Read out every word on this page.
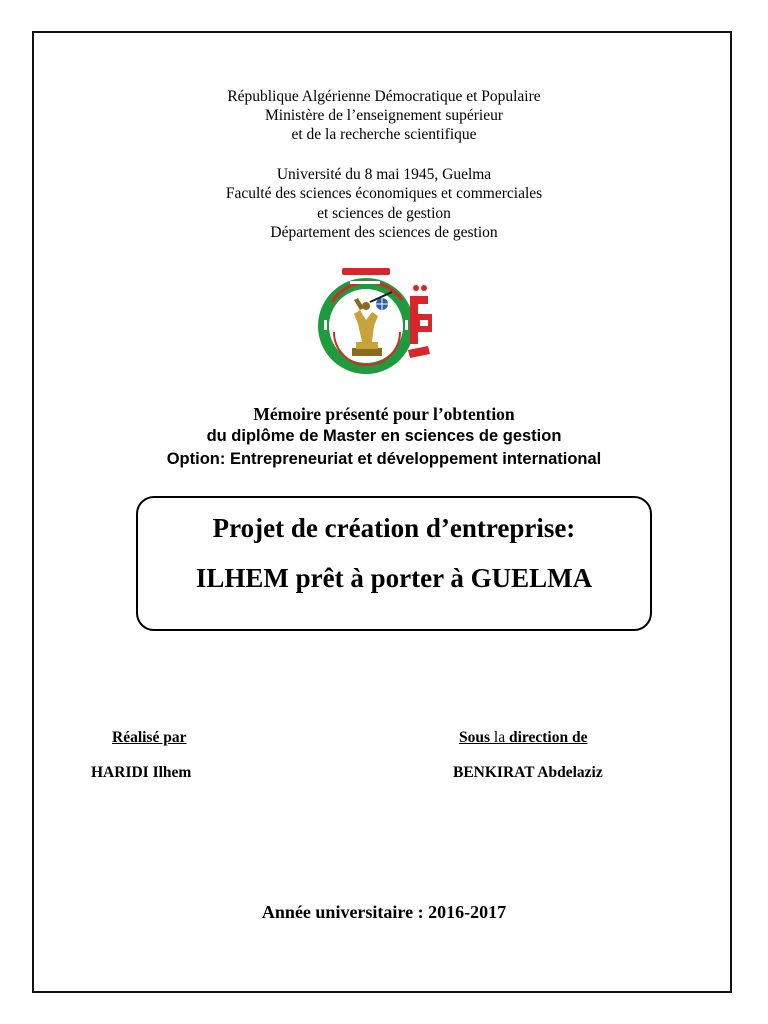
République Algérienne Démocratique et Populaire
Ministère de l’enseignement supérieur
et de la recherche scientifique
Université du 8 mai 1945, Guelma
Faculté des sciences économiques et commerciales
et sciences de gestion
Département des sciences de gestion
Mémoire présenté pour l’obtention
du diplôme de Master en sciences de gestion
Option: Entrepreneuriat et développement international
Projet de création d’entreprise:
ILHEM prêt à porter à GUELMA
Réalisé par
HARIDI Ilhem
Sous la direction de
BENKIRAT Abdelaziz
Année universitaire : 2016-2017
